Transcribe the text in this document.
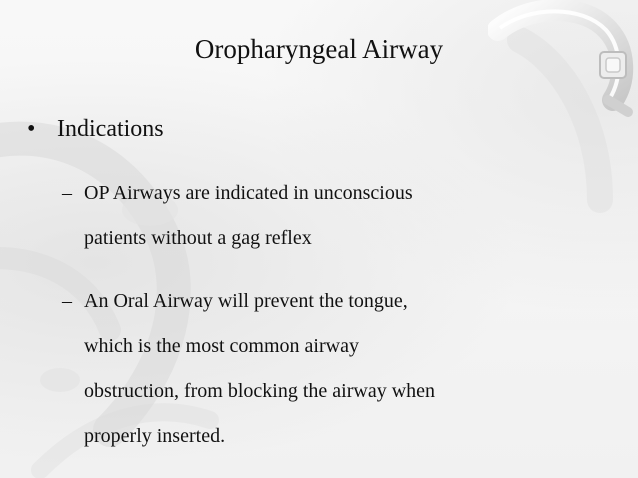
Oropharyngeal Airway
• Indications
– OP Airways are indicated in unconscious
patients without a gag reflex
– An Oral Airway will prevent the tongue,
which is the most common airway
obstruction, from blocking the airway when
properly inserted.
